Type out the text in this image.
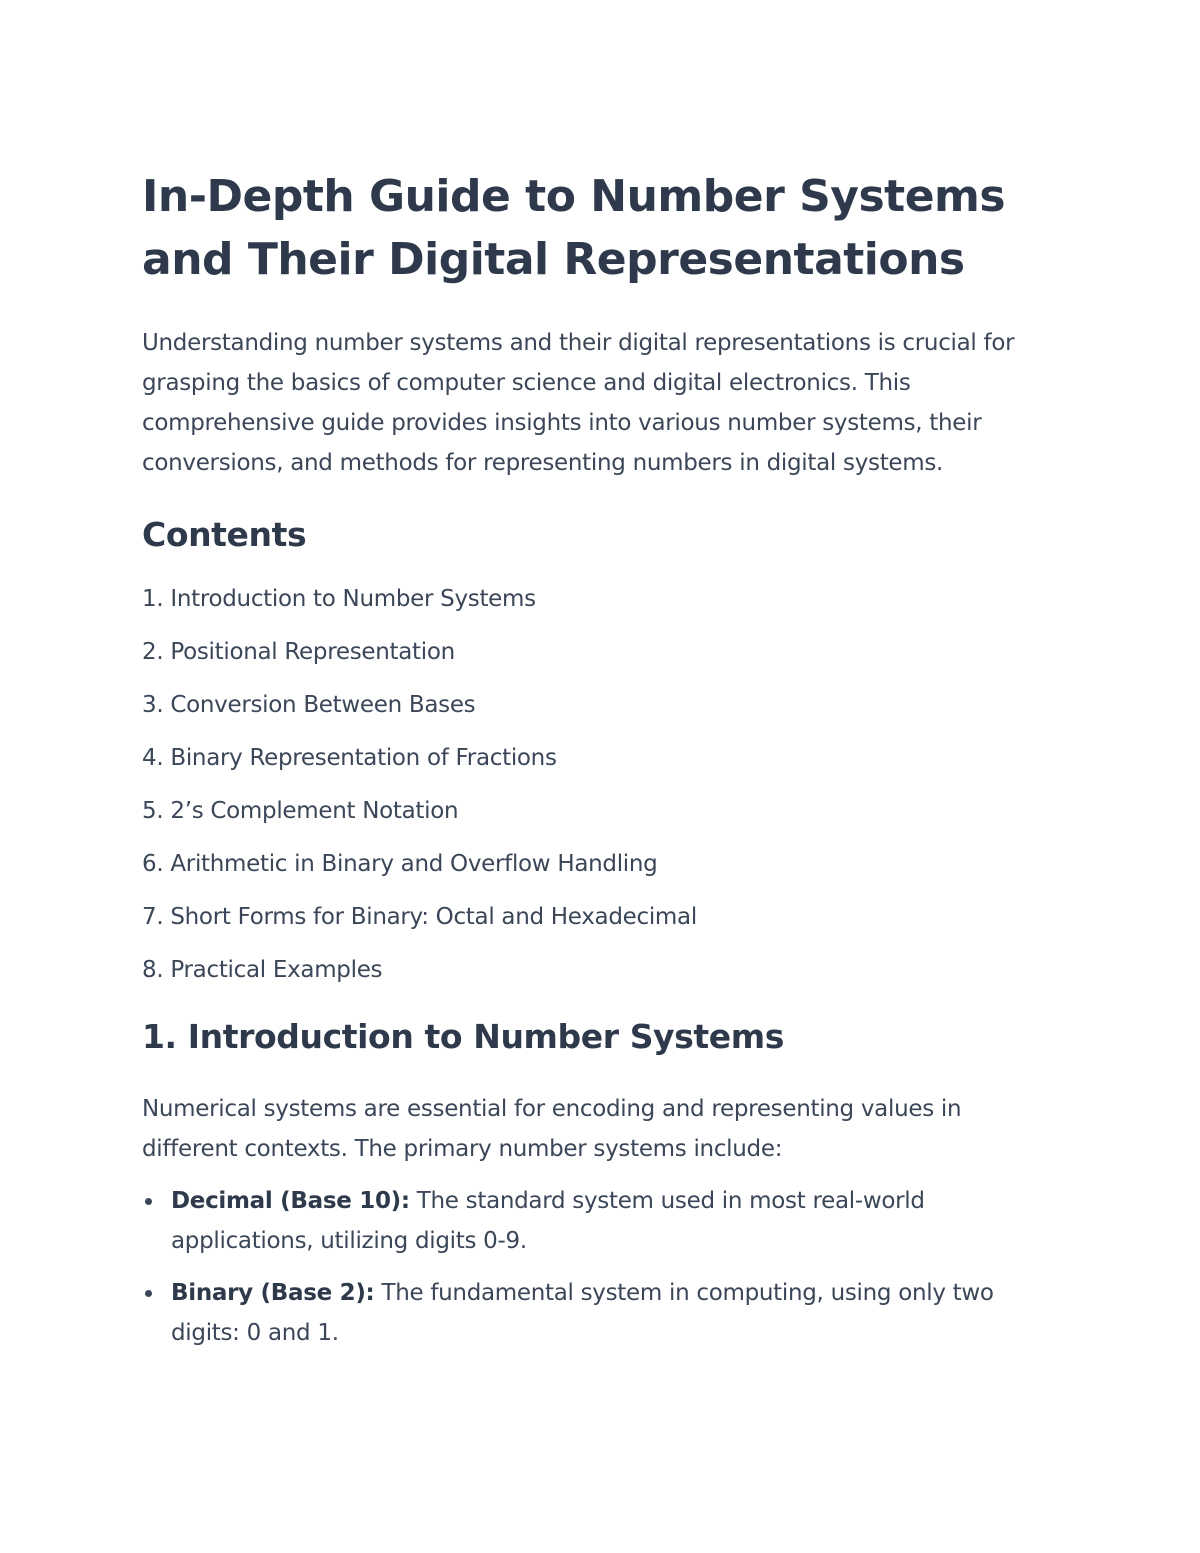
In-Depth Guide to Number Systems and Their Digital Representations

Understanding number systems and their digital representations is crucial for grasping the basics of computer science and digital electronics. This comprehensive guide provides insights into various number systems, their conversions, and methods for representing numbers in digital systems.

Contents
1. Introduction to Number Systems
2. Positional Representation
3. Conversion Between Bases
4. Binary Representation of Fractions
5. 2’s Complement Notation
6. Arithmetic in Binary and Overflow Handling
7. Short Forms for Binary: Octal and Hexadecimal
8. Practical Examples
1. Introduction to Number Systems

Numerical systems are essential for encoding and representing values in different contexts. The primary number systems include:

Decimal (Base 10): The standard system used in most real-world applications, utilizing digits 0-9.
Binary (Base 2): The fundamental system in computing, using only two digits: 0 and 1.
